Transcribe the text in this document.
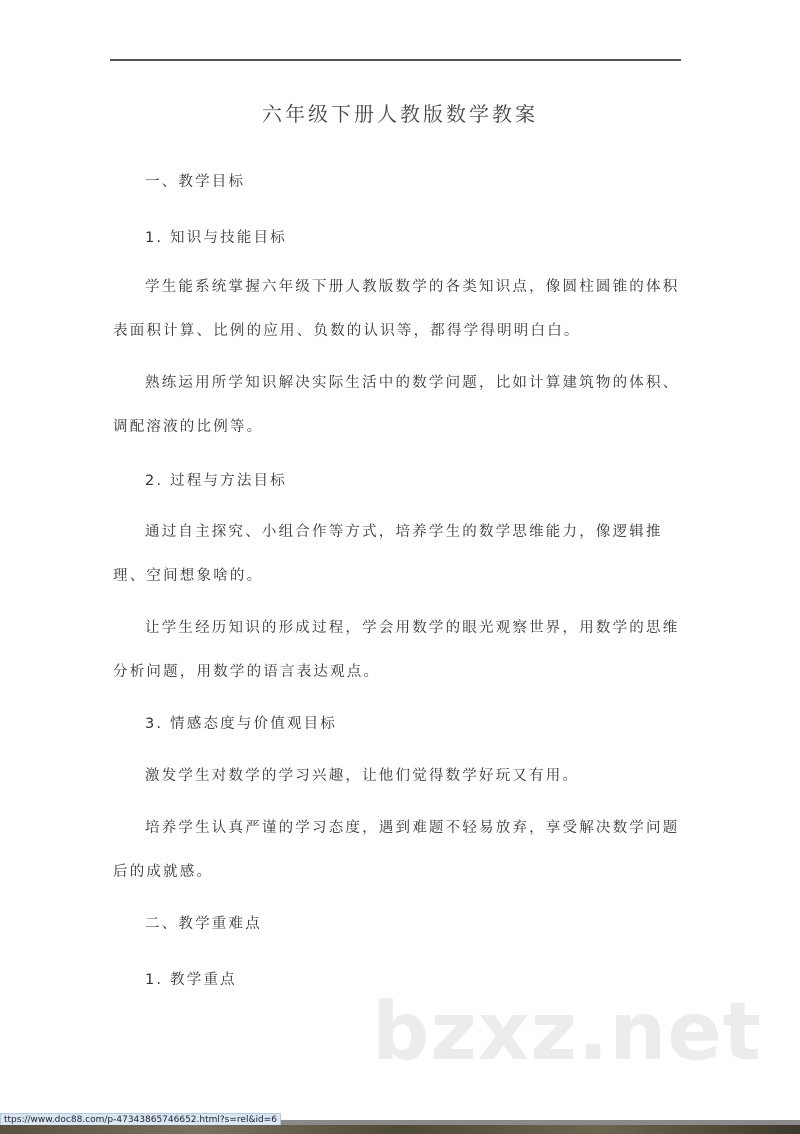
六年级下册人教版数学教案
一、教学目标
1. 知识与技能目标
学生能系统掌握六年级下册人教版数学的各类知识点，像圆柱圆锥的体积表面积计算、比例的应用、负数的认识等，都得学得明明白白。
熟练运用所学知识解决实际生活中的数学问题，比如计算建筑物的体积、调配溶液的比例等。
2. 过程与方法目标
通过自主探究、小组合作等方式，培养学生的数学思维能力，像逻辑推理、空间想象啥的。
让学生经历知识的形成过程，学会用数学的眼光观察世界，用数学的思维分析问题，用数学的语言表达观点。
3. 情感态度与价值观目标
激发学生对数学的学习兴趣，让他们觉得数学好玩又有用。
培养学生认真严谨的学习态度，遇到难题不轻易放弃，享受解决数学问题后的成就感。
二、教学重难点
1. 教学重点
bzxz.net
ttps://www.doc88.com/p-47343865746652.html?s=rel&id=6
